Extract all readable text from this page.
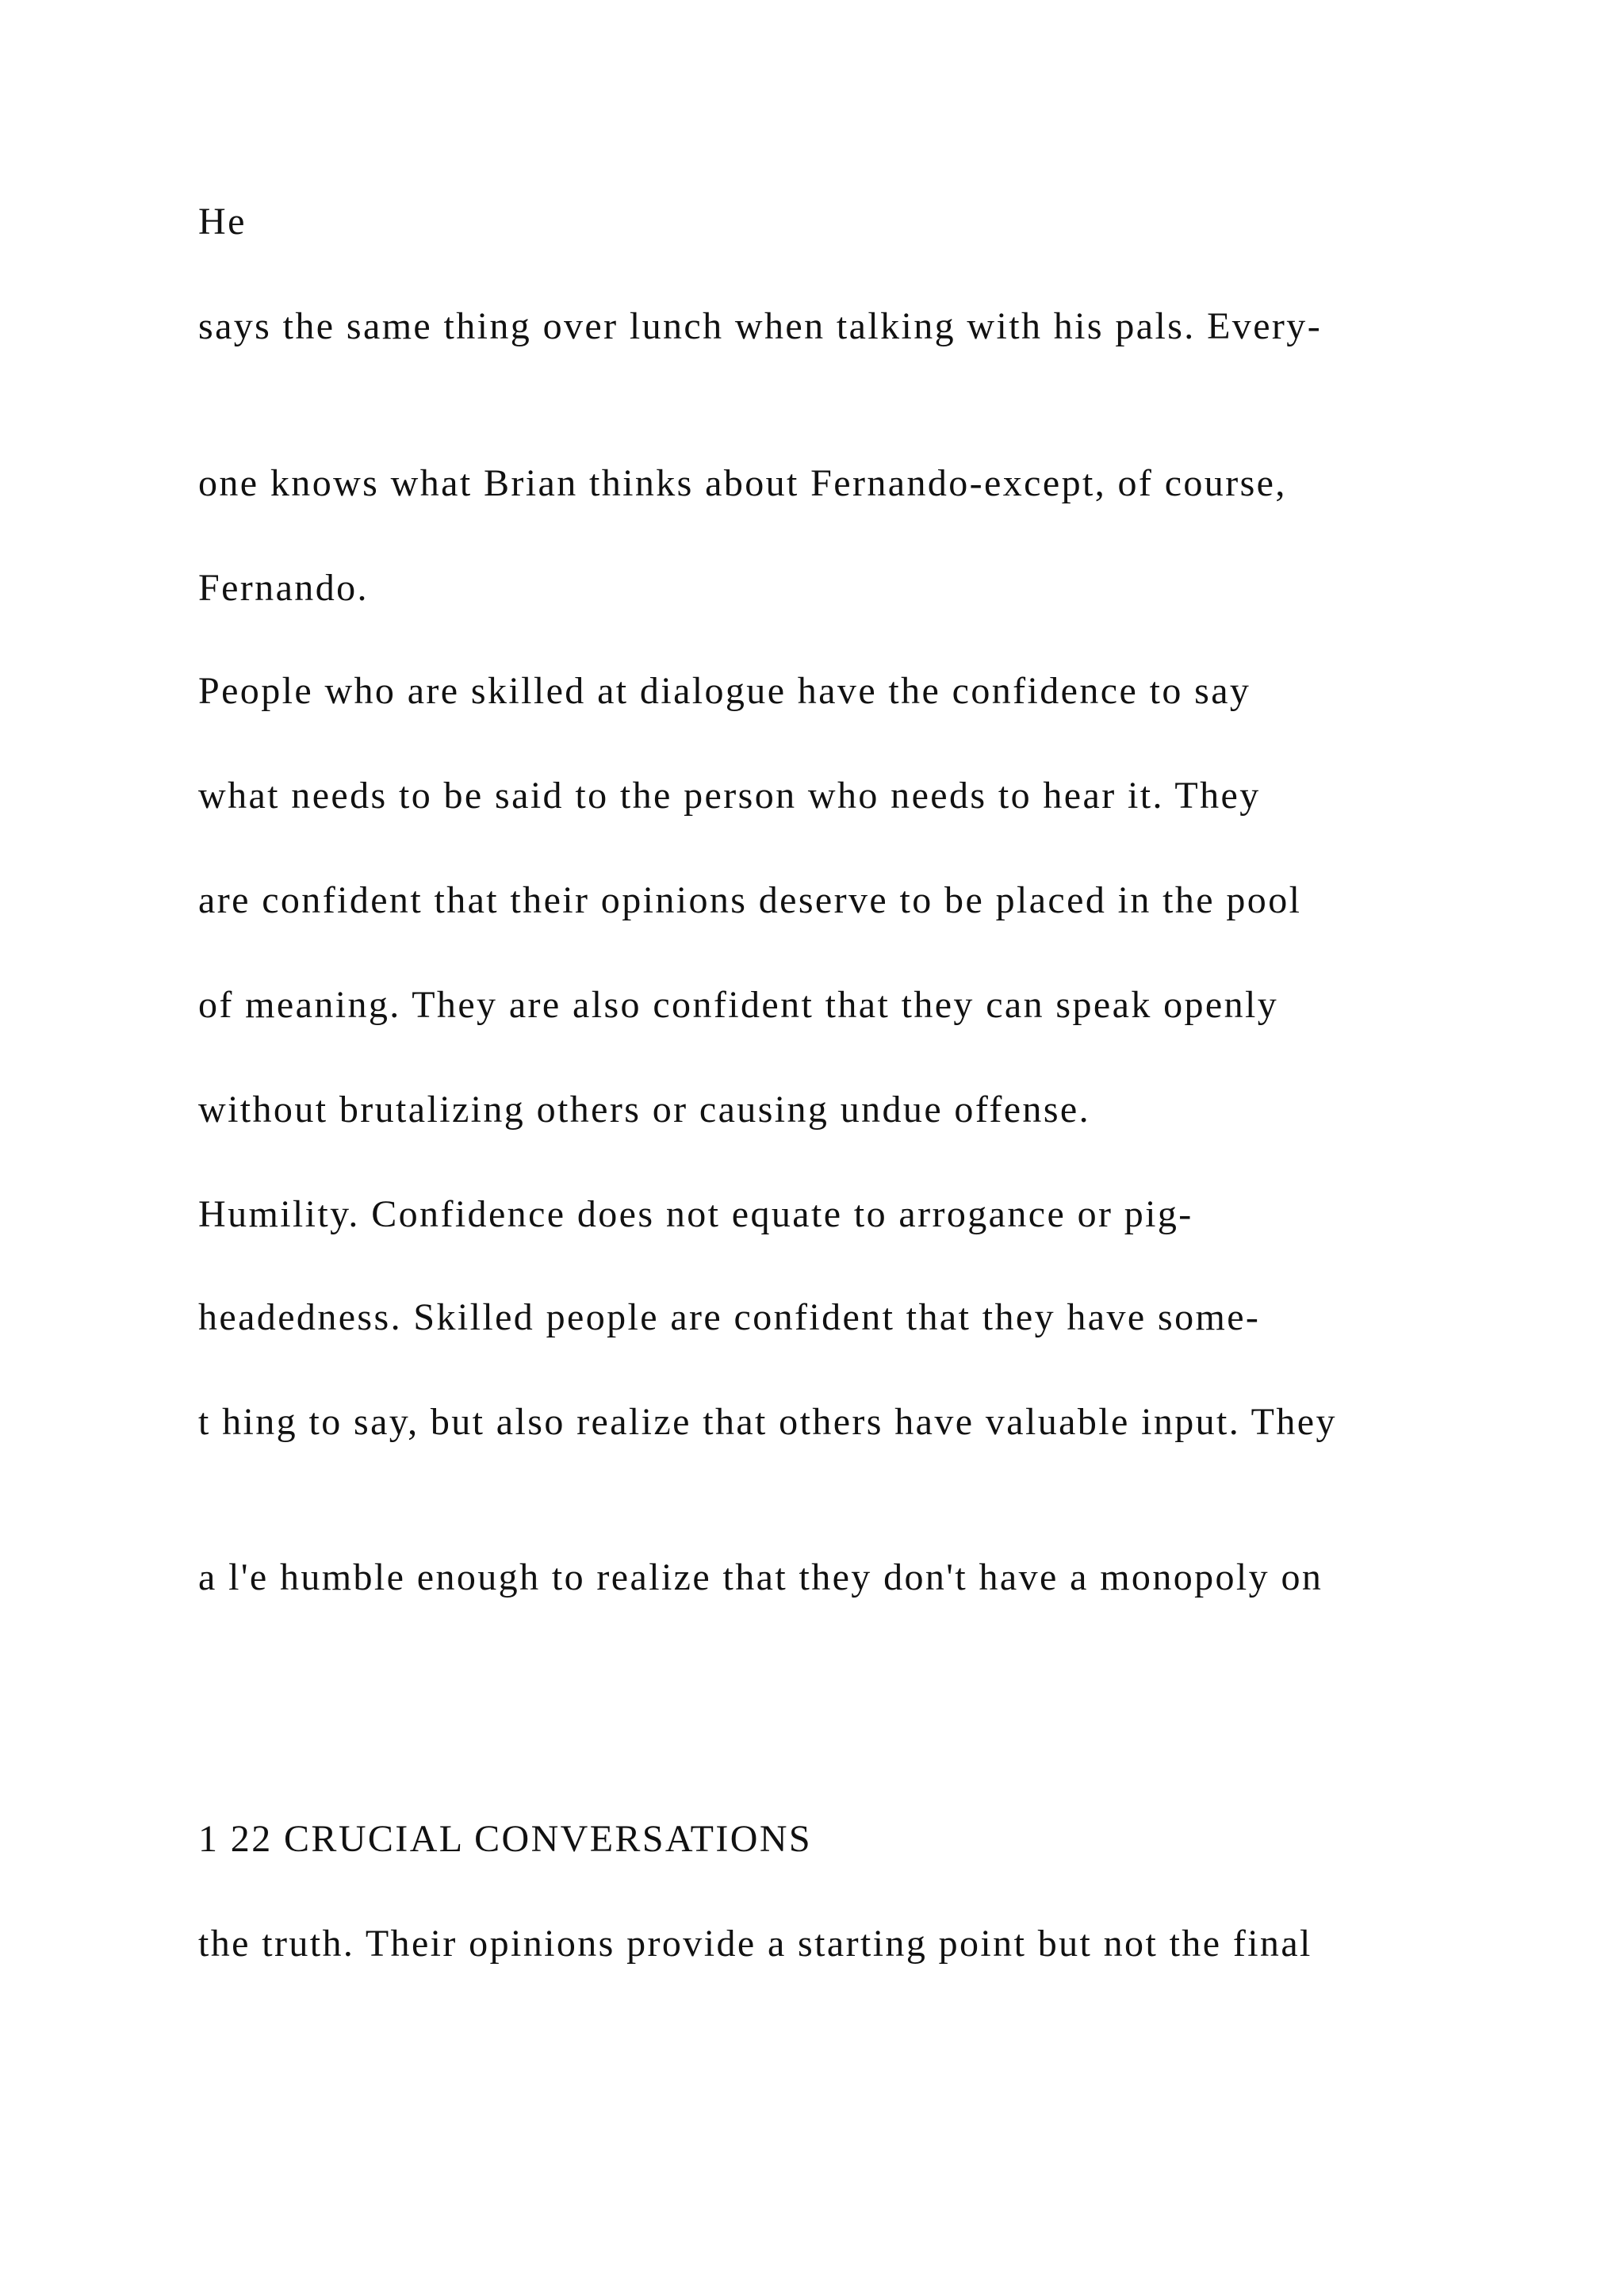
He

says the same thing over lunch when talking with his pals. Every-

one knows what Brian thinks about Fernando-except, of course,

Fernando.

People who are skilled at dialogue have the confidence to say

what needs to be said to the person who needs to hear it. They

are confident that their opinions deserve to be placed in the pool

of meaning. They are also confident that they can speak openly

without brutalizing others or causing undue offense.

Humility. Confidence does not equate to arrogance or pig-

headedness. Skilled people are confident that they have some-

t hing to say, but also realize that others have valuable input. They

a l'e humble enough to realize that they don't have a monopoly on

1 22 CRUCIAL CONVERSATIONS

the truth. Their opinions provide a starting point but not the final
